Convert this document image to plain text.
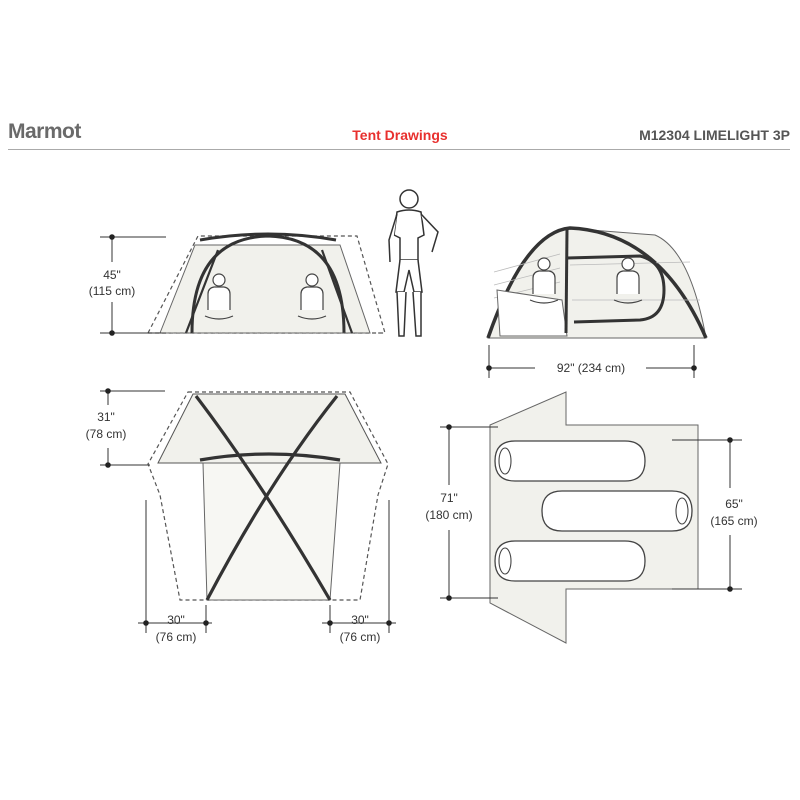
Marmot	Tent Drawings	M12304 LIMELIGHT 3P
45"
(115 cm)
92" (234 cm)
31"
(78 cm)
30"
(76 cm)
30"
(76 cm)
71"
(180 cm)
65"
(165 cm)
